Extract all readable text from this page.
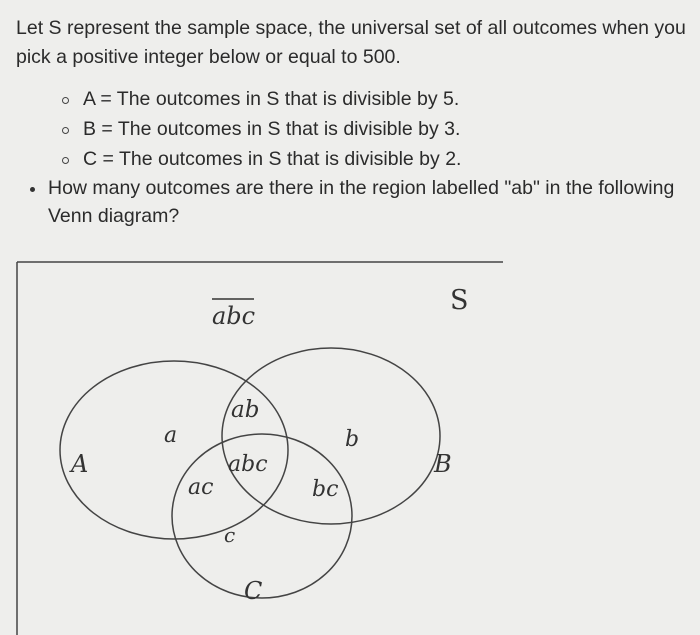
Let S represent the sample space, the universal set of all outcomes when you pick a positive integer below or equal to 500.

A = The outcomes in S that is divisible by 5.
B = The outcomes in S that is divisible by 3.
C = The outcomes in S that is divisible by 2.

How many outcomes are there in the region labelled "ab" in the following Venn diagram?

S
abc
A	B
C
a	b
c
ab
ac	bc
abc
